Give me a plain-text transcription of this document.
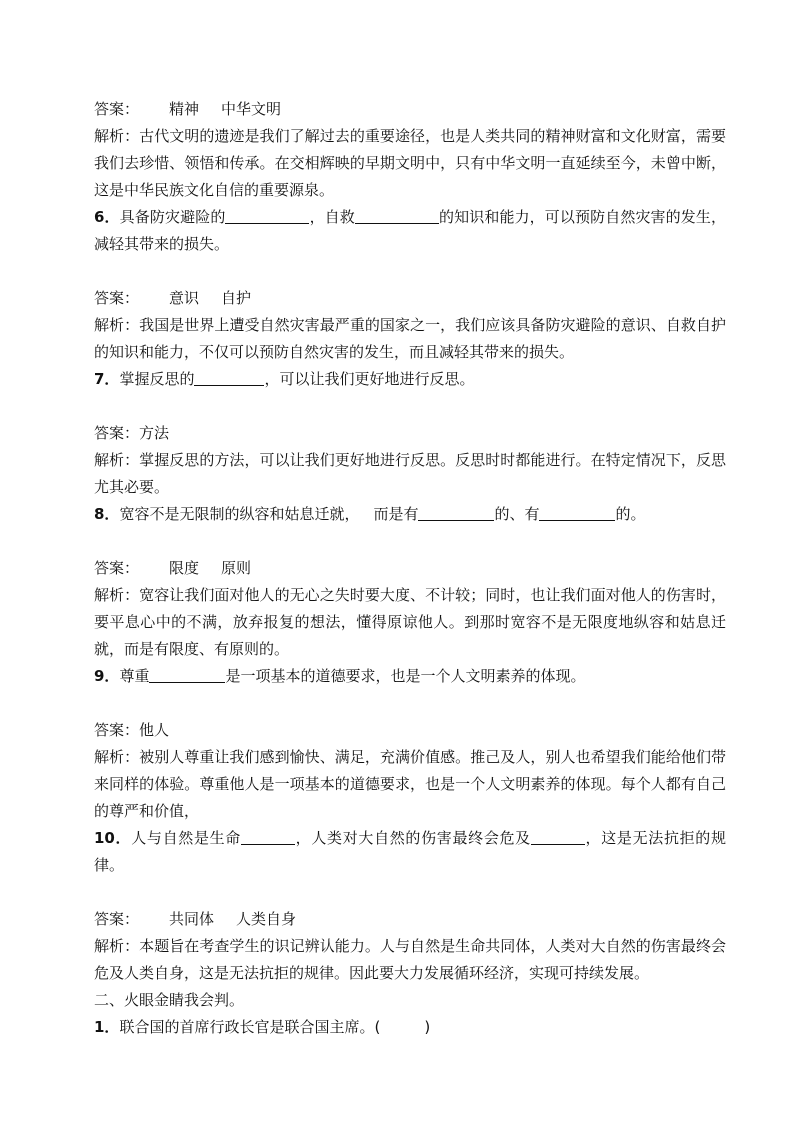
答案： 精神 中华文明
解析：古代文明的遗迹是我们了解过去的重要途径，也是人类共同的精神财富和文化财富，需要我们去珍惜、领悟和传承。在交相辉映的早期文明中，只有中华文明一直延续至今，未曾中断，这是中华民族文化自信的重要源泉。
6．具备防灾避险的	，自救	的知识和能力，可以预防自然灾害的发生，减轻其带来的损失。
答案： 意识 自护
解析：我国是世界上遭受自然灾害最严重的国家之一，我们应该具备防灾避险的意识、自救自护的知识和能力，不仅可以预防自然灾害的发生，而且减轻其带来的损失。
7．掌握反思的	，可以让我们更好地进行反思。
答案：方法
解析：掌握反思的方法，可以让我们更好地进行反思。反思时时都能进行。在特定情况下，反思尤其必要。
8．宽容不是无限制的纵容和姑息迁就， 而是有	的、有	的。
答案： 限度 原则
解析：宽容让我们面对他人的无心之失时要大度、不计较；同时，也让我们面对他人的伤害时，要平息心中的不满，放弃报复的想法，懂得原谅他人。到那时宽容不是无限度地纵容和姑息迁就，而是有限度、有原则的。
9．尊重	是一项基本的道德要求，也是一个人文明素养的体现。
答案：他人
解析：被别人尊重让我们感到愉快、满足，充满价值感。推己及人，别人也希望我们能给他们带来同样的体验。尊重他人是一项基本的道德要求，也是一个人文明素养的体现。每个人都有自己的尊严和价值，
10．人与自然是生命	，人类对大自然的伤害最终会危及	，这是无法抗拒的规律。
答案： 共同体 人类自身
解析：本题旨在考查学生的识记辨认能力。人与自然是生命共同体，人类对大自然的伤害最终会危及人类自身，这是无法抗拒的规律。因此要大力发展循环经济，实现可持续发展。
二、火眼金睛我会判。
1．联合国的首席行政长官是联合国主席。(	)
